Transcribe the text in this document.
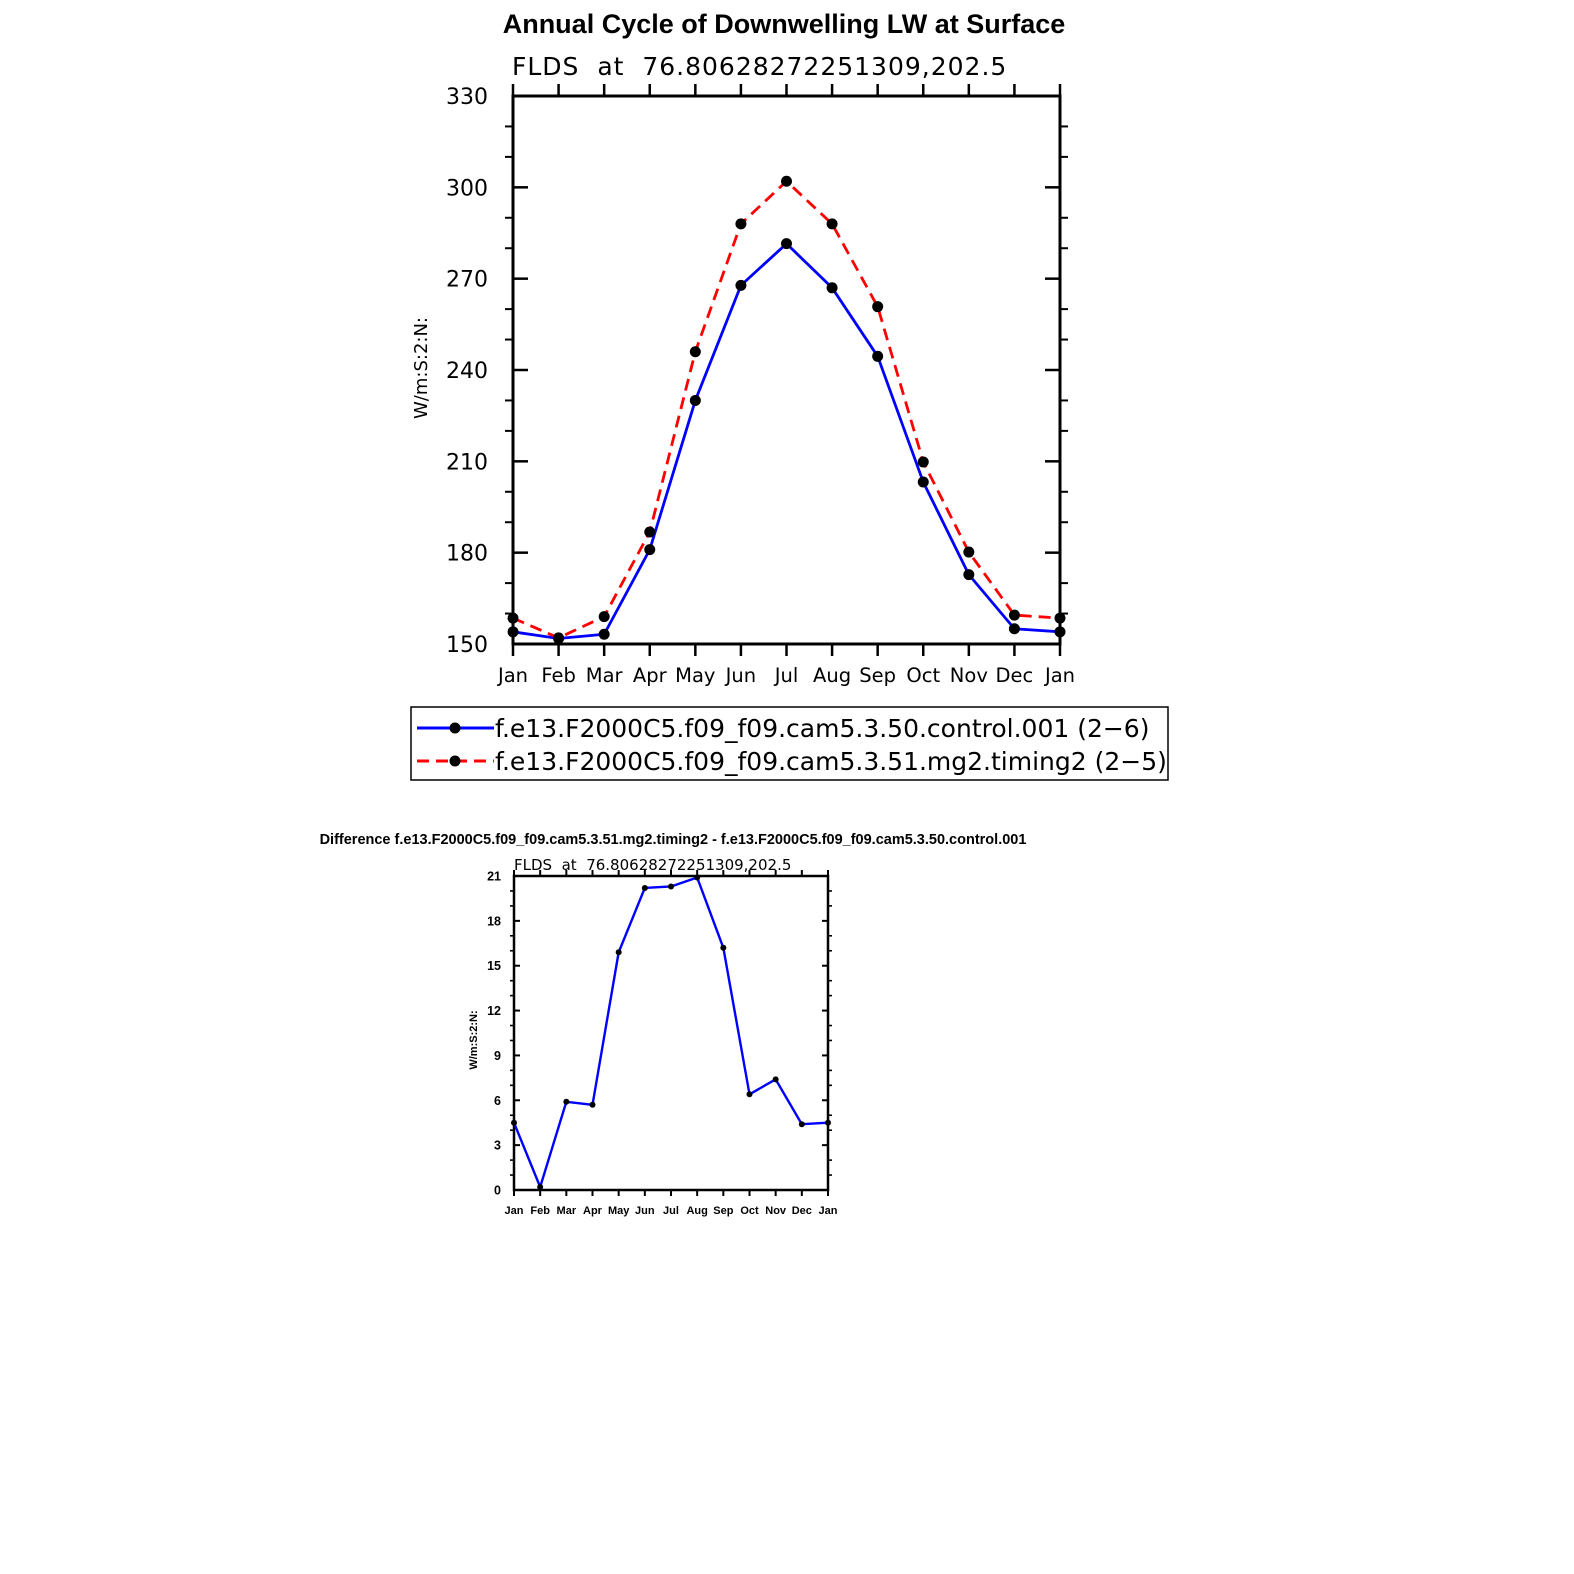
Annual Cycle of Downwelling LW at Surface
FLDS  at  76.80628272251309,202.5
W/m:S:2:N:
Jan Feb Mar Apr May Jun Jul Aug Sep Oct Nov Dec Jan
150
180
210
240
270
300
330
f.e13.F2000C5.f09_f09.cam5.3.50.control.001 (2−6)
f.e13.F2000C5.f09_f09.cam5.3.51.mg2.timing2 (2−5)
Difference f.e13.F2000C5.f09_f09.cam5.3.51.mg2.timing2 - f.e13.F2000C5.f09_f09.cam5.3.50.control.001
FLDS  at  76.80628272251309,202.5
W/m:S:2:N:
Jan Feb Mar Apr May Jun Jul Aug Sep Oct Nov Dec Jan
0
3
6
9
12
15
18
21
